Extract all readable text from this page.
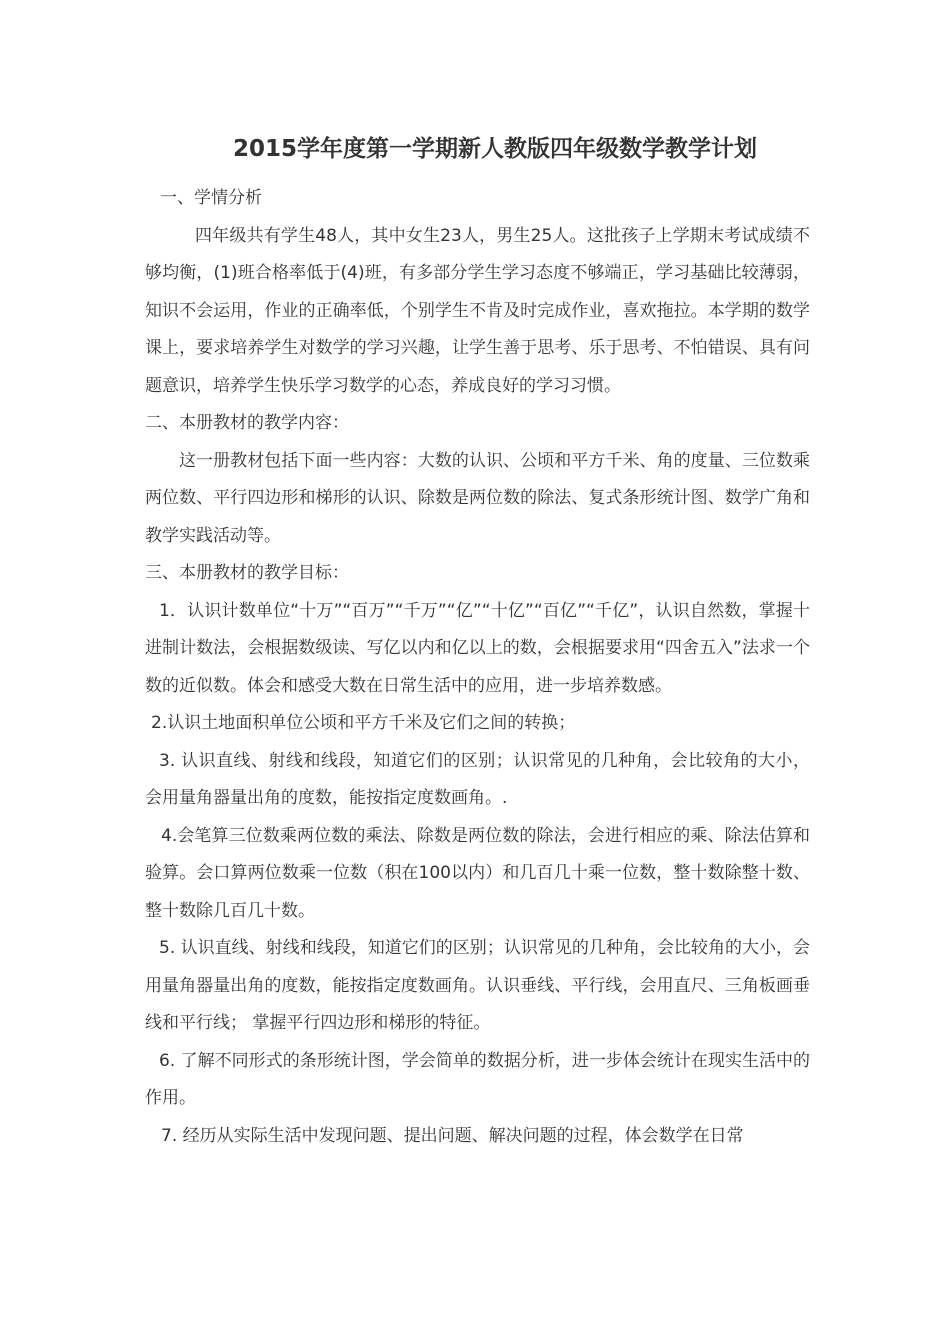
2015学年度第一学期新人教版四年级数学教学计划

一、学情分析

四年级共有学生48人，其中女生23人，男生25人。这批孩子上学期末考试成绩不够均衡，(1)班合格率低于(4)班，有多部分学生学习态度不够端正，学习基础比较薄弱，知识不会运用，作业的正确率低，个别学生不肯及时完成作业，喜欢拖拉。本学期的数学课上，要求培养学生对数学的学习兴趣，让学生善于思考、乐于思考、不怕错误、具有问题意识，培养学生快乐学习数学的心态，养成良好的学习习惯。

二、本册教材的教学内容：

这一册教材包括下面一些内容：大数的认识、公顷和平方千米、角的度量、三位数乘两位数、平行四边形和梯形的认识、除数是两位数的除法、复式条形统计图、数学广角和教学实践活动等。

三、本册教材的教学目标：

1．认识计数单位“十万”“百万”“千万”“亿”“十亿”“百亿”“千亿”，认识自然数，掌握十进制计数法，会根据数级读、写亿以内和亿以上的数，会根据要求用“四舍五入”法求一个数的近似数。体会和感受大数在日常生活中的应用，进一步培养数感。

2.认识土地面积单位公顷和平方千米及它们之间的转换；

3. 认识直线、射线和线段，知道它们的区别；认识常见的几种角，会比较角的大小， 会用量角器量出角的度数，能按指定度数画角。.

4.会笔算三位数乘两位数的乘法、除数是两位数的除法，会进行相应的乘、除法估算和验算。会口算两位数乘一位数（积在100以内）和几百几十乘一位数，整十数除整十数、整十数除几百几十数。

5. 认识直线、射线和线段，知道它们的区别；认识常见的几种角，会比较角的大小，会用量角器量出角的度数，能按指定度数画角。认识垂线、平行线，会用直尺、三角板画垂线和平行线； 掌握平行四边形和梯形的特征。

6. 了解不同形式的条形统计图，学会简单的数据分析，进一步体会统计在现实生活中的作用。

7. 经历从实际生活中发现问题、提出问题、解决问题的过程，体会数学在日常
